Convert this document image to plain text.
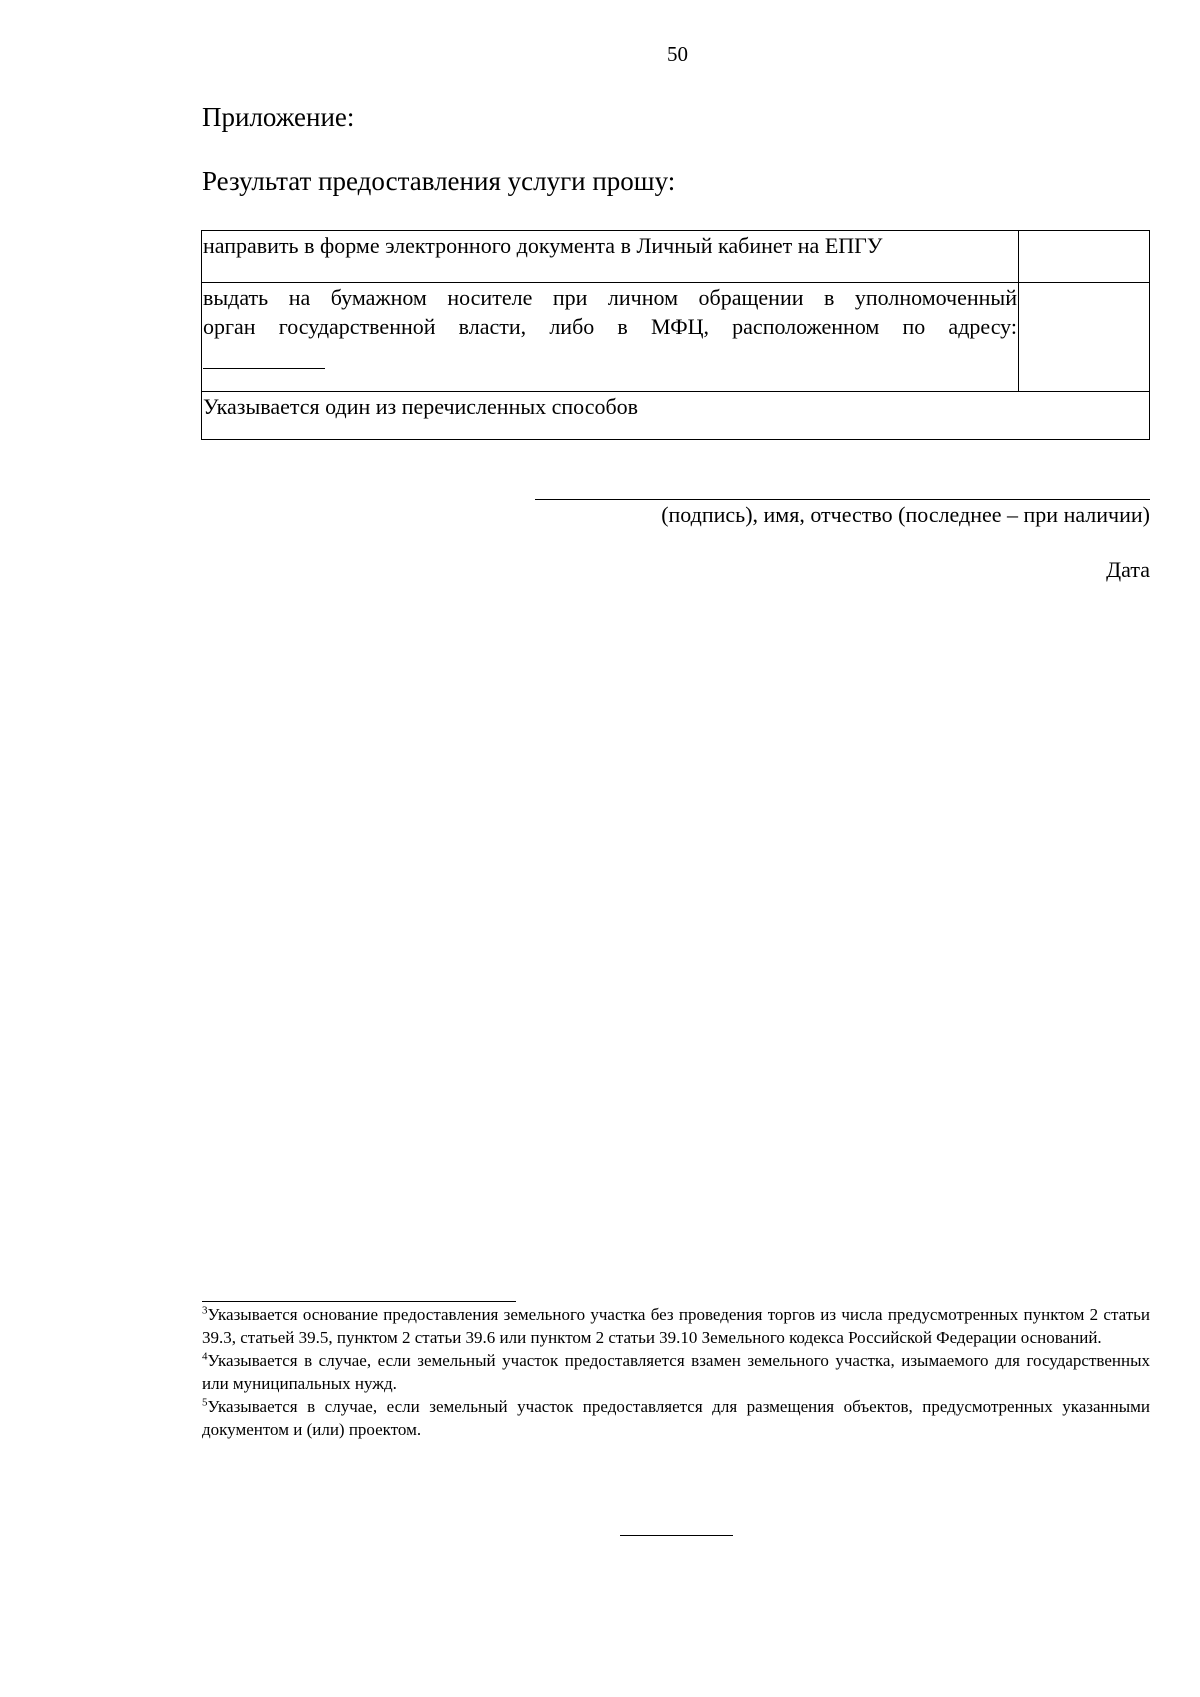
50
Приложение:
Результат предоставления услуги прошу:
направить в форме электронного документа в Личный кабинет на ЕПГУ	

выдать на бумажном носителе при личном обращении в уполномоченный
орган государственной власти, либо в МФЦ, расположенном по адресу:	

Указывается один из перечисленных способов	
(подпись), имя, отчество (последнее – при наличии)
Дата

$^3$Указывается основание предоставления земельного участка без проведения торгов из числа предусмотренных пунктом 2 статьи 39.3, статьей 39.5, пунктом 2 статьи 39.6 или пунктом 2 статьи 39.10 Земельного кодекса Российской Федерации оснований.

$^4$Указывается в случае, если земельный участок предоставляется взамен земельного участка, изымаемого для государственных или муниципальных нужд.

$^5$Указывается в случае, если земельный участок предоставляется для размещения объектов, предусмотренных указанными документом и (или) проектом.
